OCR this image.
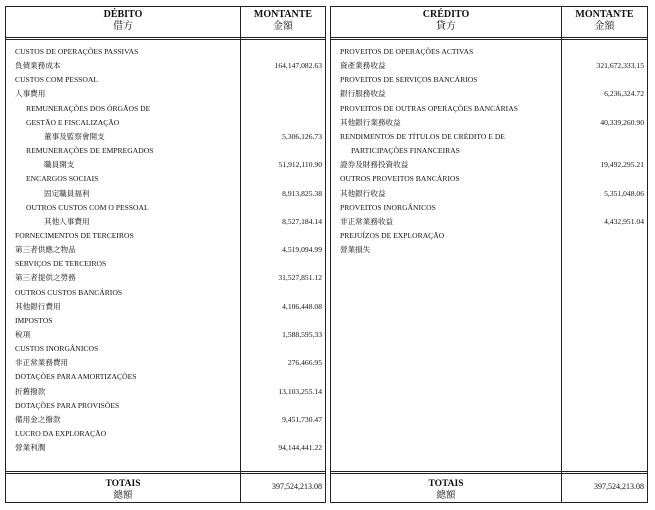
DÉBITO
借方
MONTANTE
金額
CUSTOS DE OPERAÇÕES PASSIVAS
負債業務成本	164,147,082.63
CUSTOS COM PESSOAL
人事費用
REMUNERAÇÕES DOS ÓRGÃOS DE
GESTÃO E FISCALIZAÇÃO
董事及監察會開支	5,306,126.73
REMUNERAÇÕES DE EMPREGADOS
職員開支	51,912,110.90
ENCARGOS SOCIAIS
固定職員福利	8,913,825.38
OUTROS CUSTOS COM O PESSOAL
其他人事費用	8,527,184.14
FORNECIMENTOS DE TERCEIROS
第三者供應之物品	4,519,094.99
SERVIÇOS DE TERCEIROS
第三者提供之勞務	31,527,851.12
OUTROS CUSTOS BANCÁRIOS
其他銀行費用	4,106,448.08
IMPOSTOS
稅項	1,588,595.33
CUSTOS INORGÂNICOS
非正常業務費用	276,466.95
DOTAÇÕES PARA AMORTIZAÇÕES
折舊撥款	13,103,255.14
DOTAÇÕES PARA PROVISÕES
備用金之撥款	9,451,730.47
LUCRO DA EXPLORAÇÃO
營業利潤	94,144,441.22
TOTAIS
總額
397,524,213.08
CRÉDITO
貸方
MONTANTE
金額
PROVEITOS DE OPERAÇÕES ACTIVAS
資產業務收益	321,672,333.15
PROVEITOS DE SERVIÇOS BANCÁRIOS
銀行服務收益	6,236,324.72
PROVEITOS DE OUTRAS OPERAÇÕES BANCÁRIAS
其他銀行業務收益	40,339,260.90
RENDIMENTOS DE TÍTULOS DE CRÉDITO E DE
PARTICIPAÇÕES FINANCEIRAS
證券及財務投資收益	19,492,295.21
OUTROS PROVEITOS BANCÁRIOS
其他銀行收益	5,351,048.06
PROVEITOS INORGÂNICOS
非正常業務收益	4,432,951.04
PREJUÍZOS DE EXPLORAÇÃO
營業損失
TOTAIS
總額
397,524,213.08
